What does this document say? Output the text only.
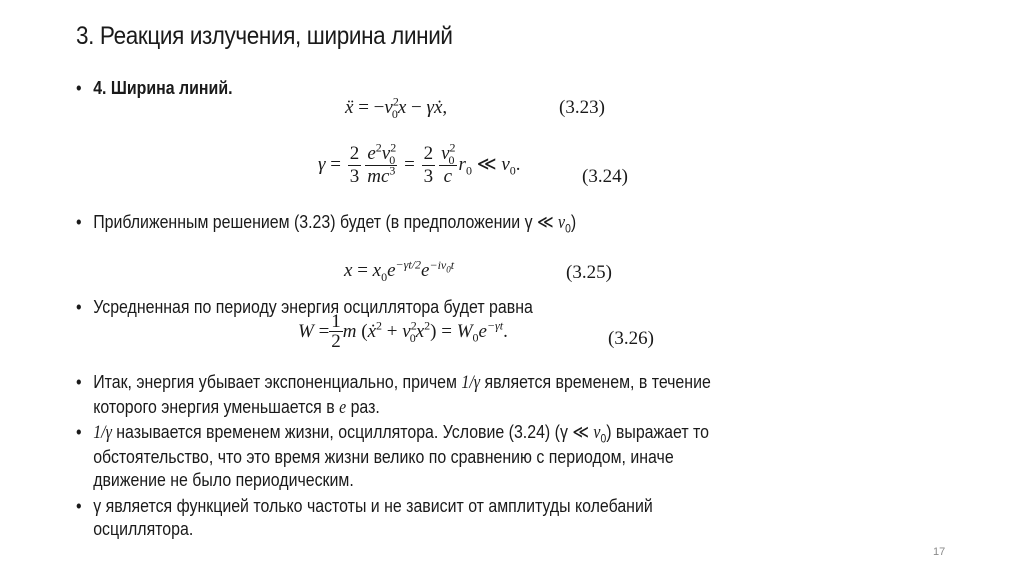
3. Реакция излучения, ширина линий
• 4. Ширина линий.
ẍ = $-\nu^2_0x$ − γẋ,	(3.23)
$\gamma = \frac{2}{3} \frac{e^2\nu^2_0}{mc^3} = \frac{2}{3} \frac{\nu^2_0}{c} r_0$ ≪ $\nu_0$.
(3.24)
• Приближенным решением (3.23) будет (в предположении γ ≪ $\nu_0$)
$x = x_0e^{-\gamma t/2}e^{-i\nu_0t}$	(3.25)
• Усредненная по периоду энергия осциллятора будет равна
$W = \frac{1}{2}$ m (ẋ$^2$ + $\nu^2_0x^2) = W_0e^{-\gamma t}$.	(3.26)
• Итак, энергия убывает экспоненциально, причем 1/γ является временем, в течение
которого энергия уменьшается в e раз.
• 1/γ называется временем жизни, осциллятора. Условие (3.24) (γ ≪ $\nu_0$) выражает то
обстоятельство, что это время жизни велико по сравнению с периодом, иначе
движение не было периодическим.
• γ является функцией только частоты и не зависит от амплитуды колебаний
осциллятора.
17
